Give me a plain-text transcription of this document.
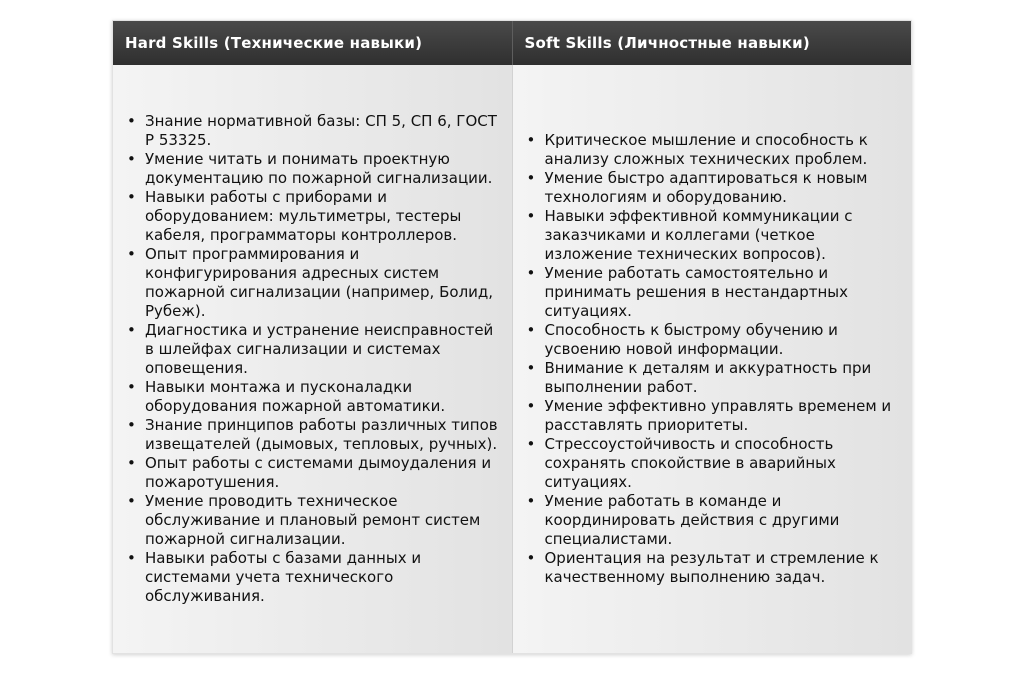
Hard Skills (Технические навыки)	Soft Skills (Личностные навыки)
• Знание нормативной базы: СП 5, СП 6, ГОСТ Р 53325.
• Умение читать и понимать проектную документацию по пожарной сигнализации.
• Навыки работы с приборами и оборудованием: мультиметры, тестеры кабеля, программаторы контроллеров.
• Опыт программирования и конфигурирования адресных систем пожарной сигнализации (например, Болид, Рубеж).
• Диагностика и устранение неисправностей в шлейфах сигнализации и системах оповещения.
• Навыки монтажа и пусконаладки оборудования пожарной автоматики.
• Знание принципов работы различных типов извещателей (дымовых, тепловых, ручных).
• Опыт работы с системами дымоудаления и пожаротушения.
• Умение проводить техническое обслуживание и плановый ремонт систем пожарной сигнализации.
• Навыки работы с базами данных и системами учета технического обслуживания.
• Критическое мышление и способность к анализу сложных технических проблем.
• Умение быстро адаптироваться к новым технологиям и оборудованию.
• Навыки эффективной коммуникации с заказчиками и коллегами (четкое изложение технических вопросов).
• Умение работать самостоятельно и принимать решения в нестандартных ситуациях.
• Способность к быстрому обучению и усвоению новой информации.
• Внимание к деталям и аккуратность при выполнении работ.
• Умение эффективно управлять временем и расставлять приоритеты.
• Стрессоустойчивость и способность сохранять спокойствие в аварийных ситуациях.
• Умение работать в команде и координировать действия с другими специалистами.
• Ориентация на результат и стремление к качественному выполнению задач.
